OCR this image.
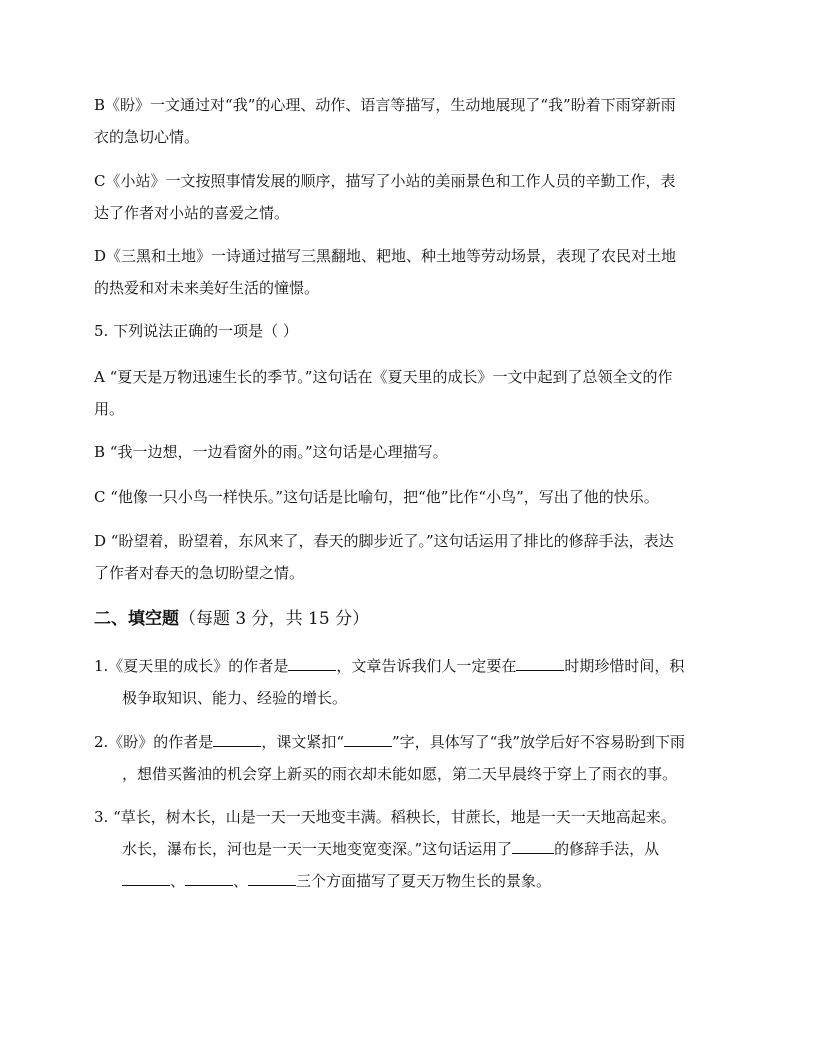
B《盼》一文通过对“我”的心理、动作、语言等描写，生动地展现了“我”盼着下雨穿新雨
衣的急切心情。
C《小站》一文按照事情发展的顺序，描写了小站的美丽景色和工作人员的辛勤工作，表
达了作者对小站的喜爱之情。
D《三黑和土地》一诗通过描写三黑翻地、耙地、种土地等劳动场景，表现了农民对土地
的热爱和对未来美好生活的憧憬。
5. 下列说法正确的一项是（ ）
A “夏天是万物迅速生长的季节。”这句话在《夏天里的成长》一文中起到了总领全文的作
用。
B “我一边想，一边看窗外的雨。”这句话是心理描写。
C “他像一只小鸟一样快乐。”这句话是比喻句，把“他”比作“小鸟”，写出了他的快乐。
D “盼望着，盼望着，东风来了，春天的脚步近了。”这句话运用了排比的修辞手法，表达
了作者对春天的急切盼望之情。
二、填空题（每题 3 分，共 15 分）
1.《夏天里的成长》的作者是	，文章告诉我们人一定要在	时期珍惜时间，积
极争取知识、能力、经验的增长。
2.《盼》的作者是	，课文紧扣“	”字，具体写了“我”放学后好不容易盼到下雨
，想借买酱油的机会穿上新买的雨衣却未能如愿，第二天早晨终于穿上了雨衣的事。
3. “草长，树木长，山是一天一天地变丰满。稻秧长，甘蔗长，地是一天一天地高起来。
水长，瀑布长，河也是一天一天地变宽变深。”这句话运用了	的修辞手法，从
、	、	三个方面描写了夏天万物生长的景象。
